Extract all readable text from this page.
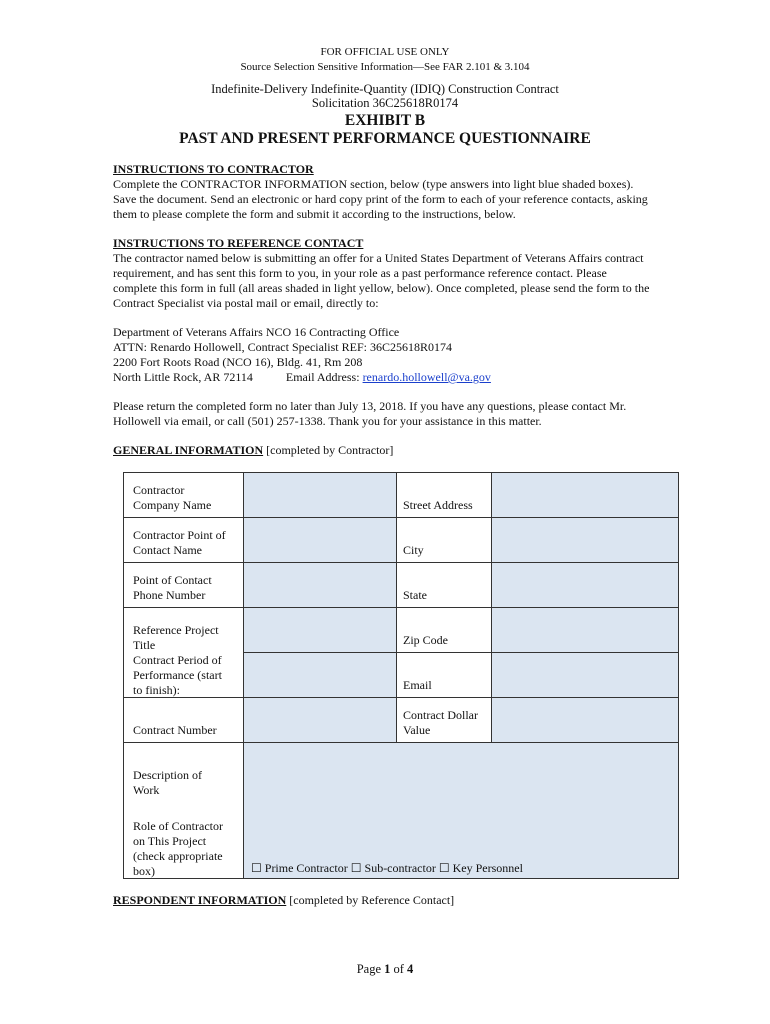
FOR OFFICIAL USE ONLY
Source Selection Sensitive Information—See FAR 2.101 & 3.104
Indefinite-Delivery Indefinite-Quantity (IDIQ) Construction Contract
Solicitation 36C25618R0174
EXHIBIT B
PAST AND PRESENT PERFORMANCE QUESTIONNAIRE
INSTRUCTIONS TO CONTRACTOR
Complete the CONTRACTOR INFORMATION section, below (type answers into light blue shaded boxes).
Save the document. Send an electronic or hard copy print of the form to each of your reference contacts, asking
them to please complete the form and submit it according to the instructions, below.
INSTRUCTIONS TO REFERENCE CONTACT
The contractor named below is submitting an offer for a United States Department of Veterans Affairs contract
requirement, and has sent this form to you, in your role as a past performance reference contact. Please
complete this form in full (all areas shaded in light yellow, below). Once completed, please send the form to the
Contract Specialist via postal mail or email, directly to:
Department of Veterans Affairs NCO 16 Contracting Office
ATTN: Renardo Hollowell, Contract Specialist REF: 36C25618R0174
2200 Fort Roots Road (NCO 16), Bldg. 41, Rm 208
North Little Rock, AR 72114	Email Address: renardo.hollowell@va.gov
Please return the completed form no later than July 13, 2018. If you have any questions, please contact Mr.
Hollowell via email, or call (501) 257-1338. Thank you for your assistance in this matter.
GENERAL INFORMATION [completed by Contractor]
Contractor
Company Name
Contractor Point of
Contact Name
Point of Contact
Phone Number
Reference Project
Title
Contract Period of
Performance (start
to finish):
Contract Number
Description of
Work
Role of Contractor
on This Project
(check appropriate
box)
Street Address
City
State
Zip Code
Email
Contract Dollar
Value
☐ Prime Contractor ☐ Sub-contractor ☐ Key Personnel
RESPONDENT INFORMATION [completed by Reference Contact]
Page 1 of 4
